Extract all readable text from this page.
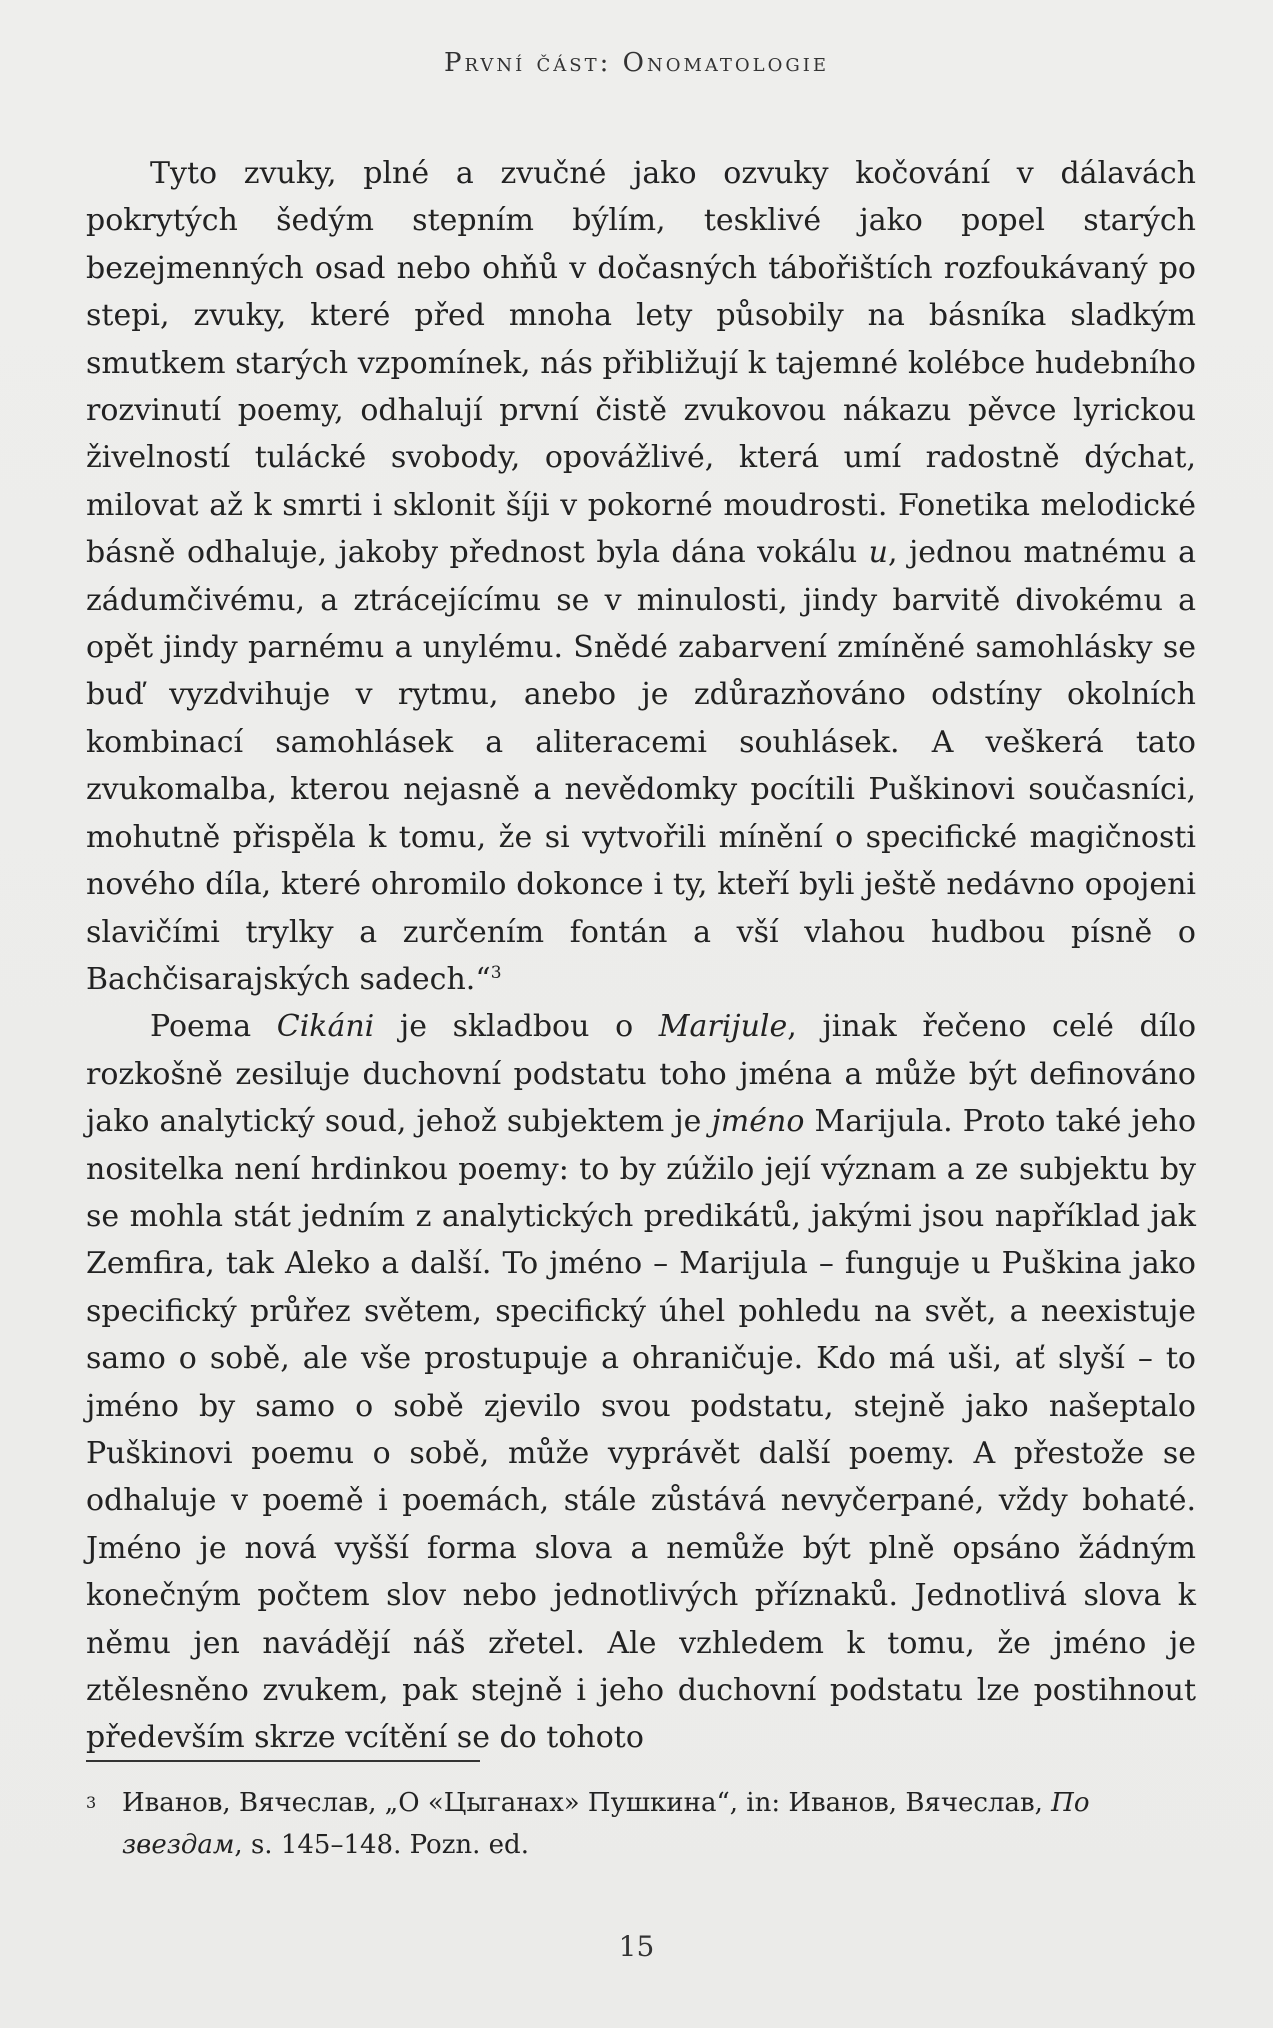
První část: Onomatologie

Tyto zvuky, plné a zvučné jako ozvuky kočování v dálavách pokrytých šedým stepním býlím, tesklivé jako popel starých bezejmenných osad nebo ohňů v dočasných tábořištích rozfoukávaný po stepi, zvuky, které před mnoha lety působily na básníka sladkým smutkem starých vzpomínek, nás přibližují k tajemné kolébce hudebního rozvinutí poemy, odhalují první čistě zvukovou nákazu pěvce lyrickou živelností tulácké svobody, opovážlivé, která umí radostně dýchat, milovat až k smrti i sklonit šíji v pokorné moudrosti. Fonetika melodické básně odhaluje, jakoby přednost byla dána vokálu u, jednou matnému a zádumčivému, a ztrácejícímu se v minulosti, jindy barvitě divokému a opět jindy parnému a unylému. Snědé zabarvení zmíněné samohlásky se buď vyzdvihuje v rytmu, anebo je zdůrazňováno odstíny okolních kombinací samohlásek a aliteracemi souhlásek. A veškerá tato zvukomalba, kterou nejasně a nevědomky pocítili Puškinovi současníci, mohutně přispěla k tomu, že si vytvořili mínění o specifické magičnosti nového díla, které ohromilo dokonce i ty, kteří byli ještě nedávno opojeni slavičími trylky a zurčením fontán a vší vlahou hudbou písně o Bachčisarajských sadech.“$^3$

Poema Cikáni je skladbou o Marijule, jinak řečeno celé dílo rozkošně zesiluje duchovní podstatu toho jména a může být definováno jako analytický soud, jehož subjektem je jméno Marijula. Proto také jeho nositelka není hrdinkou poemy: to by zúžilo její význam a ze subjektu by se mohla stát jedním z analytických predikátů, jakými jsou například jak Zemfira, tak Aleko a další. To jméno – Marijula – funguje u Puškina jako specifický průřez světem, specifický úhel pohledu na svět, a neexistuje samo o sobě, ale vše prostupuje a ohraničuje. Kdo má uši, ať slyší – to jméno by samo o sobě zjevilo svou podstatu, stejně jako našeptalo Puškinovi poemu o sobě, může vyprávět další poemy. A přestože se odhaluje v poemě i poemách, stále zůstává nevyčerpané, vždy bohaté. Jméno je nová vyšší forma slova a nemůže být plně opsáno žádným konečným počtem slov nebo jednotlivých příznaků. Jednotlivá slova k němu jen navádějí náš zřetel. Ale vzhledem k tomu, že jméno je ztělesněno zvukem, pak stejně i jeho duchovní podstatu lze postihnout především skrze vcítění se do tohoto

3 Иванов, Вячеслав, „О «Цыганах» Пушкина“, in: Иванов, Вячеслав, По звездам, s. 145–148. Pozn. ed.
15
